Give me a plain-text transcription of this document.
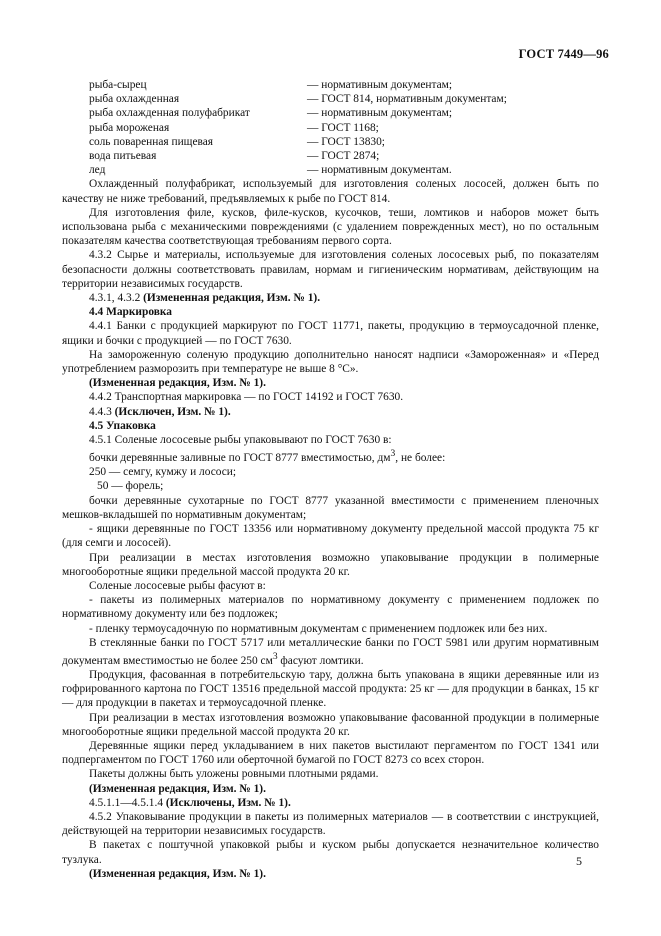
ГОСТ 7449—96
рыба-сырец	— нормативным документам;
рыба охлажденная	— ГОСТ 814, нормативным документам;
рыба охлажденная полуфабрикат	— нормативным документам;
рыба мороженая	— ГОСТ 1168;
соль поваренная пищевая	— ГОСТ 13830;
вода питьевая	— ГОСТ 2874;
лед	— нормативным документам.

Охлажденный полуфабрикат, используемый для изготовления соленых лососей, должен быть по качеству не ниже требований, предъявляемых к рыбе по ГОСТ 814.

Для изготовления филе, кусков, филе-кусков, кусочков, теши, ломтиков и наборов может быть использована рыба с механическими повреждениями (с удалением поврежденных мест), но по остальным показателям качества соответствующая требованиям первого сорта.

4.3.2 Сырье и материалы, используемые для изготовления соленых лососевых рыб, по показателям безопасности должны соответствовать правилам, нормам и гигиеническим нормативам, действующим на территории независимых государств.

4.3.1, 4.3.2 (Измененная редакция, Изм. № 1).

4.4 Маркировка

4.4.1 Банки с продукцией маркируют по ГОСТ 11771, пакеты, продукцию в термоусадочной пленке, ящики и бочки с продукцией — по ГОСТ 7630.

На замороженную соленую продукцию дополнительно наносят надписи «Замороженная» и «Перед употреблением разморозить при температуре не выше 8 °С».

(Измененная редакция, Изм. № 1).

4.4.2 Транспортная маркировка — по ГОСТ 14192 и ГОСТ 7630.

4.4.3 (Исключен, Изм. № 1).

4.5 Упаковка

4.5.1 Соленые лососевые рыбы упаковывают по ГОСТ 7630 в:

бочки деревянные заливные по ГОСТ 8777 вместимостью, $дм^3$, не более:

250 — семгу, кумжу и лососи;

50 — форель;

бочки деревянные сухотарные по ГОСТ 8777 указанной вместимости с применением пленочных мешков-вкладышей по нормативным документам;

- ящики деревянные по ГОСТ 13356 или нормативному документу предельной массой продукта 75 кг (для семги и лососей).

При реализации в местах изготовления возможно упаковывание продукции в полимерные многооборотные ящики предельной массой продукта 20 кг.

Соленые лососевые рыбы фасуют в:

- пакеты из полимерных материалов по нормативному документу с применением подложек по нормативному документу или без подложек;

- пленку термоусадочную по нормативным документам с применением подложек или без них.

В стеклянные банки по ГОСТ 5717 или металлические банки по ГОСТ 5981 или другим нормативным документам вместимостью не более 250 $см^3$ фасуют ломтики.

Продукция, фасованная в потребительскую тару, должна быть упакована в ящики деревянные или из гофрированного картона по ГОСТ 13516 предельной массой продукта: 25 кг — для продукции в банках, 15 кг — для продукции в пакетах и термоусадочной пленке.

При реализации в местах изготовления возможно упаковывание фасованной продукции в полимерные многооборотные ящики предельной массой продукта 20 кг.

Деревянные ящики перед укладыванием в них пакетов выстилают пергаментом по ГОСТ 1341 или подпергаментом по ГОСТ 1760 или оберточной бумагой по ГОСТ 8273 со всех сторон.

Пакеты должны быть уложены ровными плотными рядами.

(Измененная редакция, Изм. № 1).

4.5.1.1—4.5.1.4 (Исключены, Изм. № 1).

4.5.2 Упаковывание продукции в пакеты из полимерных материалов — в соответствии с инструкцией, действующей на территории независимых государств.

В пакетах с поштучной упаковкой рыбы и куском рыбы допускается незначительное количество тузлука.

(Измененная редакция, Изм. № 1).

5
